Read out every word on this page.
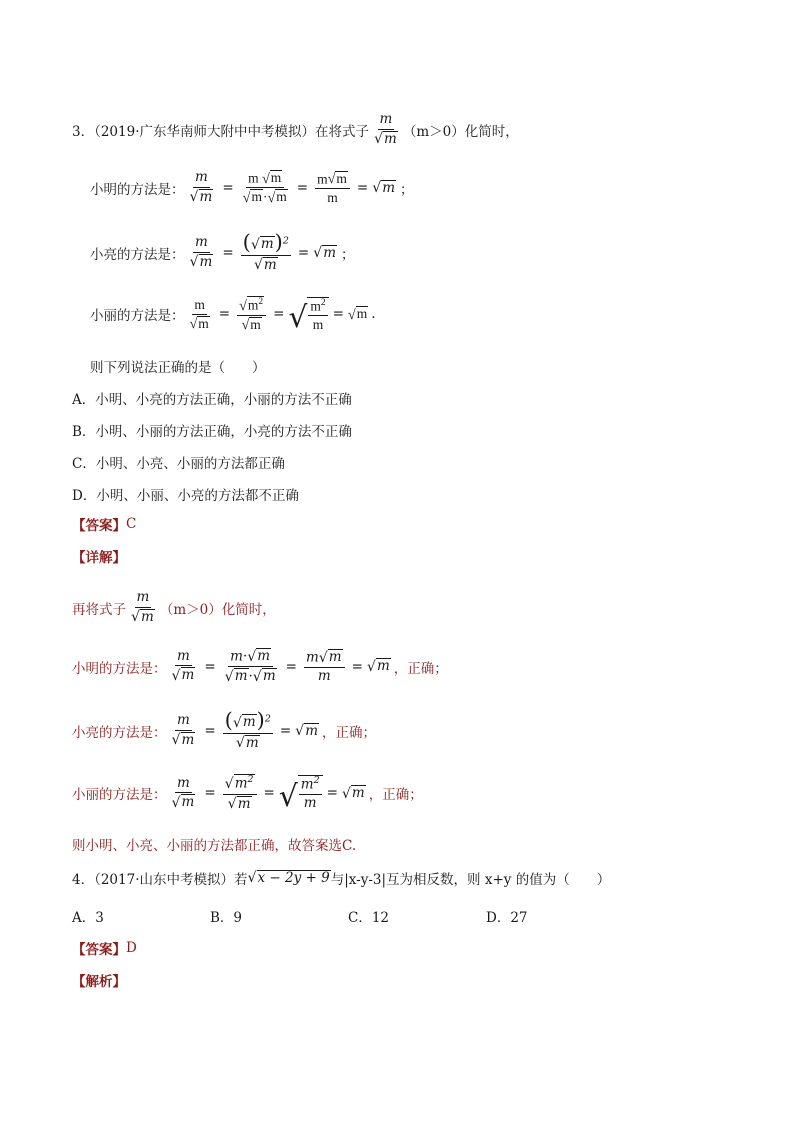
3．（2019·广东华南师大附中中考模拟）在将式子 $\frac{m}{√ m} (m>0)$化简时，
小明的方法是： $\frac{m}{√ m} = \frac{m √ m}{√ m \cdot √ m} = \frac{m √ m}{m}$ = √ m ；
小亮的方法是： $\frac{m}{√ m} = \frac{( √ m )^2}{√ m}$ = √ m ；
小丽的方法是： $\frac{m}{√ m} = \frac{√ m^2}{√ m}$ = √ $\frac{m^2}{m}$ = √ m .
则下列说法正确的是（　　）
A．小明、小亮的方法正确，小丽的方法不正确
B．小明、小丽的方法正确，小亮的方法不正确
C．小明、小亮、小丽的方法都正确
D．小明、小丽、小亮的方法都不正确
【答案】 C
【详解】
再将式子 $\frac{m}{√ m} (m>0)$化简时，
小明的方法是： $\frac{m}{√ m} = \frac{m\cdot √ m}{√ m \cdot √ m} = \frac{m √ m}{m}$ = √ m ，正确；
小亮的方法是： $\frac{m}{√ m} = \frac{( √ m )^2}{√ m}$ = √ m ，正确；
小丽的方法是： $\frac{m}{√ m} = \frac{√ m^2}{√ m}$ = √ $\frac{m^2}{m}$ = √ m ，正确；
则小明、小亮、小丽的方法都正确，故答案选C.
4．（2017·山东中考模拟）若 √ x − 2y + 9 与|x-y-3|互为相反数，则 x+y 的值为（　　）
A．3	B．9	C．12	D．27
【答案】 D
【解析】
